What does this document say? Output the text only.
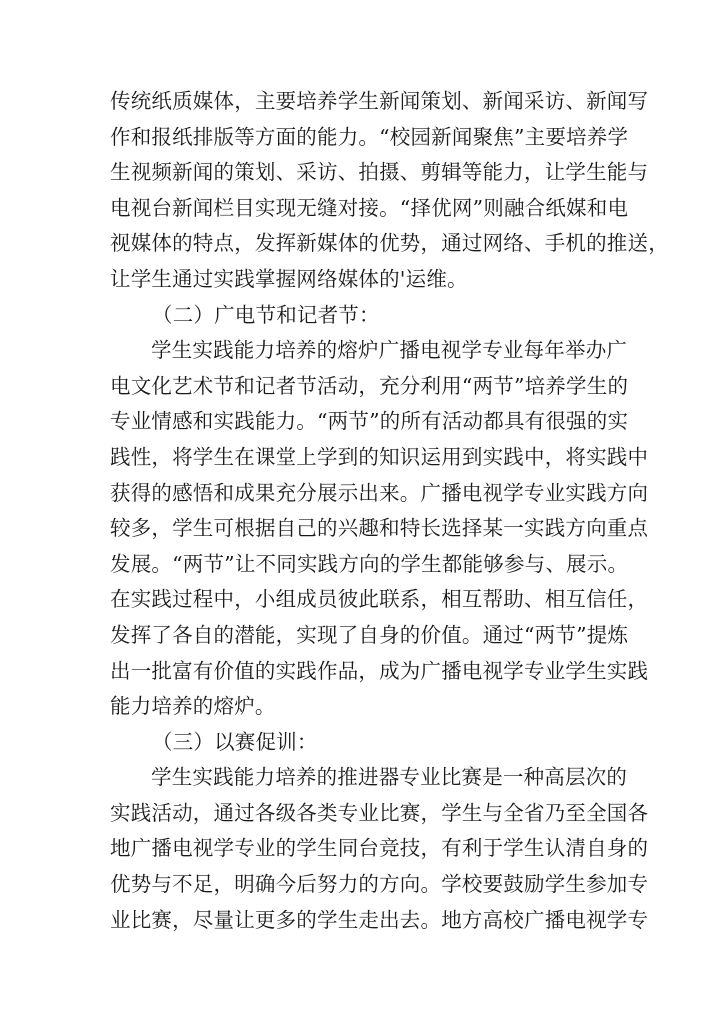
传统纸质媒体，主要培养学生新闻策划、新闻采访、新闻写
作和报纸排版等方面的能力。“校园新闻聚焦”主要培养学
生视频新闻的策划、采访、拍摄、剪辑等能力，让学生能与
电视台新闻栏目实现无缝对接。“择优网”则融合纸媒和电
视媒体的特点，发挥新媒体的优势，通过网络、手机的推送，
让学生通过实践掌握网络媒体的'运维。
（二）广电节和记者节：
学生实践能力培养的熔炉广播电视学专业每年举办广
电文化艺术节和记者节活动，充分利用“两节”培养学生的
专业情感和实践能力。“两节”的所有活动都具有很强的实
践性，将学生在课堂上学到的知识运用到实践中，将实践中
获得的感悟和成果充分展示出来。广播电视学专业实践方向
较多，学生可根据自己的兴趣和特长选择某一实践方向重点
发展。“两节”让不同实践方向的学生都能够参与、展示。
在实践过程中，小组成员彼此联系，相互帮助、相互信任，
发挥了各自的潜能，实现了自身的价值。通过“两节”提炼
出一批富有价值的实践作品，成为广播电视学专业学生实践
能力培养的熔炉。
（三）以赛促训：
学生实践能力培养的推进器专业比赛是一种高层次的
实践活动，通过各级各类专业比赛，学生与全省乃至全国各
地广播电视学专业的学生同台竞技，有利于学生认清自身的
优势与不足，明确今后努力的方向。学校要鼓励学生参加专
业比赛，尽量让更多的学生走出去。地方高校广播电视学专
